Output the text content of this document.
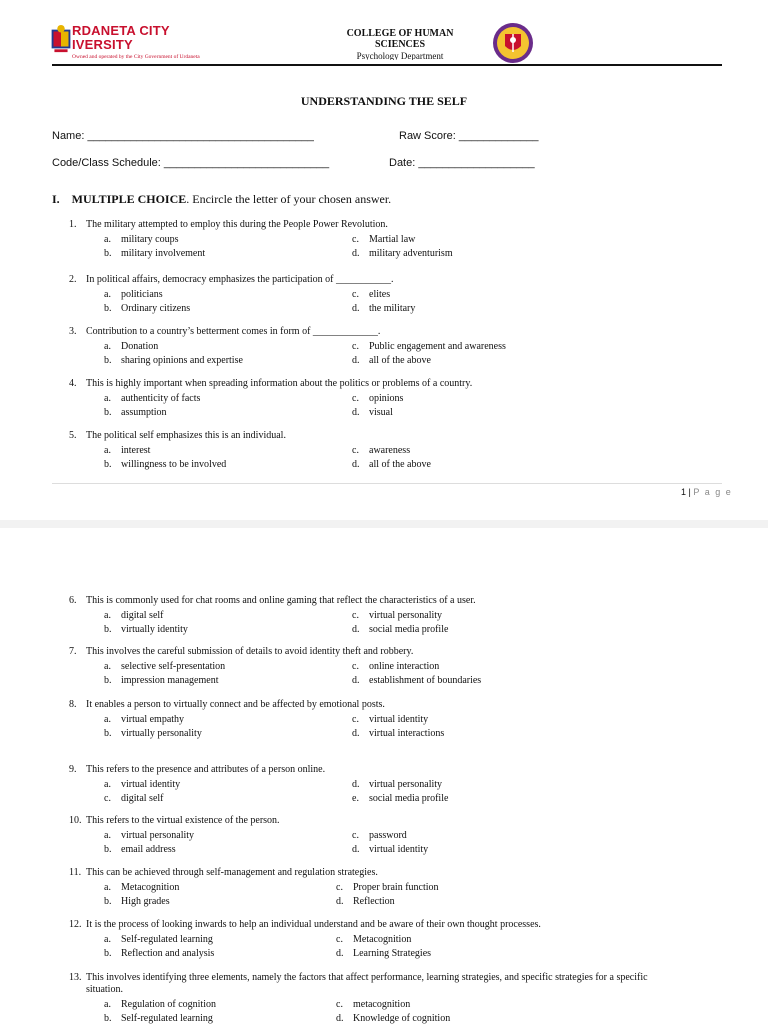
RDANETA CITY
IVERSITY
Owned and operated by the City Government of Urdaneta
COLLEGE OF HUMAN
SCIENCES
Psychology Department
UNDERSTANDING THE SELF
Name: _____________________________________	Raw Score: _____________
Code/Class Schedule: ___________________________	Date: ___________________
I. MULTIPLE CHOICE. Encircle the letter of your chosen answer.
1. The military attempted to employ this during the People Power Revolution.
a. military coups	c. Martial law
b. military involvement	d. military adventurism
2. In political affairs, democracy emphasizes the participation of ___________.
a. politicians	c. elites
b. Ordinary citizens	d. the military
3. Contribution to a country’s betterment comes in form of _____________.
a. Donation	c. Public engagement and awareness
b. sharing opinions and expertise	d. all of the above
4. This is highly important when spreading information about the politics or problems of a country.
a. authenticity of facts	c. opinions
b. assumption	d. visual
5. The political self emphasizes this is an individual.
a. interest	c. awareness
b. willingness to be involved	d. all of the above
1 | P a g e
6. This is commonly used for chat rooms and online gaming that reflect the characteristics of a user.
a. digital self	c. virtual personality
b. virtually identity	d. social media profile
7. This involves the careful submission of details to avoid identity theft and robbery.
a. selective self-presentation	c. online interaction
b. impression management	d. establishment of boundaries
8. It enables a person to virtually connect and be affected by emotional posts.
a. virtual empathy	c. virtual identity
b. virtually personality	d. virtual interactions
9. This refers to the presence and attributes of a person online.
a. virtual identity	d. virtual personality
c. digital self	e. social media profile
10. This refers to the virtual existence of the person.
a. virtual personality	c. password
b. email address	d. virtual identity
11. This can be achieved through self-management and regulation strategies.
a. Metacognition	c. Proper brain function
b. High grades	d. Reflection
12. It is the process of looking inwards to help an individual understand and be aware of their own thought processes.
a. Self-regulated learning	c. Metacognition
b. Reflection and analysis	d. Learning Strategies
13. This involves identifying three elements, namely the factors that affect performance, learning strategies, and specific strategies for a specific
situation.
a. Regulation of cognition	c. metacognition
b. Self-regulated learning	d. Knowledge of cognition
